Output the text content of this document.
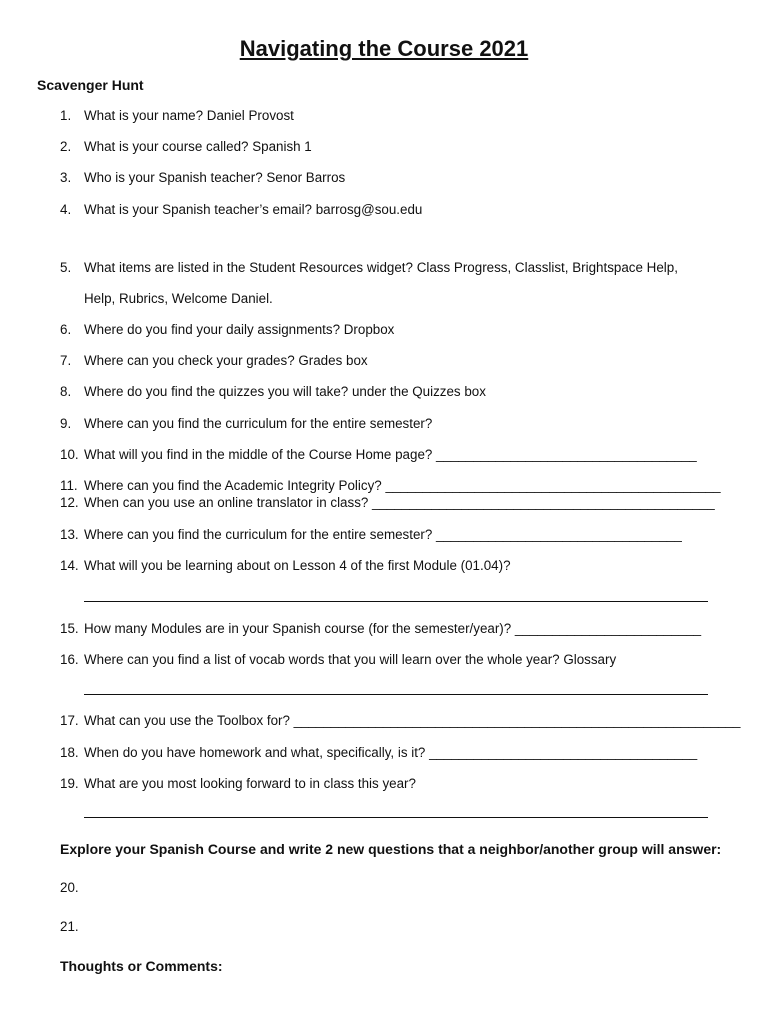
Navigating the Course 2021
Scavenger Hunt
1. What is your name? Daniel Provost
2. What is your course called? Spanish 1
3. Who is your Spanish teacher? Senor Barros
4. What is your Spanish teacher’s email? barrosg@sou.edu
5. What items are listed in the Student Resources widget? Class Progress, Classlist, Brightspace Help,
Help, Rubrics, Welcome Daniel.
6. Where do you find your daily assignments? Dropbox
7. Where can you check your grades? Grades box
8. Where do you find the quizzes you will take? under the Quizzes box
9. Where can you find the curriculum for the entire semester?
10. What will you find in the middle of the Course Home page? ___________________________________
11. Where can you find the Academic Integrity Policy? _____________________________________________
12. When can you use an online translator in class? ______________________________________________
13. Where can you find the curriculum for the entire semester? _________________________________
14. What will you be learning about on Lesson 4 of the first Module (01.04)?
15. How many Modules are in your Spanish course (for the semester/year)? _________________________
16. Where can you find a list of vocab words that you will learn over the whole year? Glossary
17. What can you use the Toolbox for? ____________________________________________________________
18. When do you have homework and what, specifically, is it? ____________________________________
19. What are you most looking forward to in class this year?
Explore your Spanish Course and write 2 new questions that a neighbor/another group will answer:
20.
21.
Thoughts or Comments:
